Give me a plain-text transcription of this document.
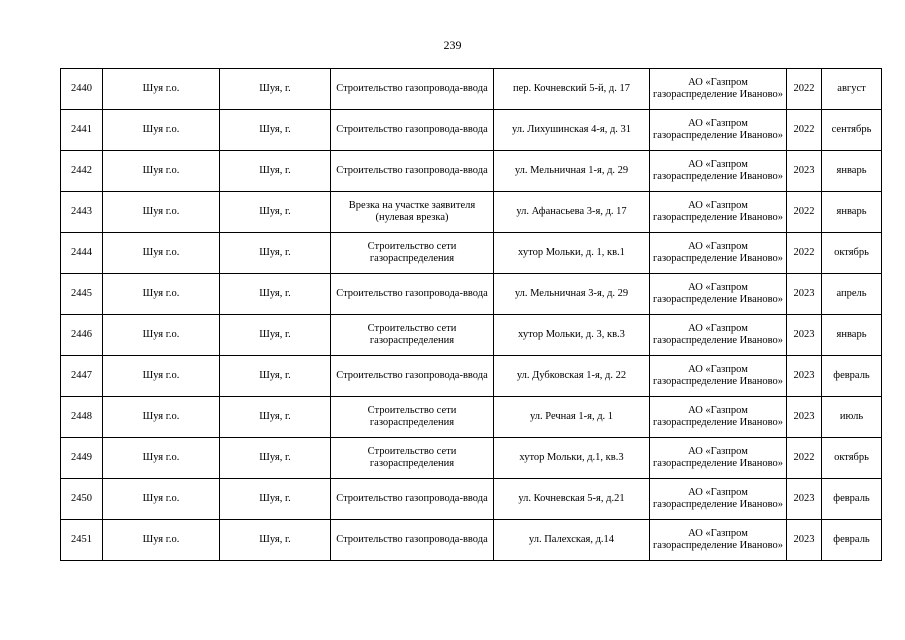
239
2440	Шуя г.о.	Шуя, г.	Строительство газопровода-ввода	пер. Кочневский 5-й, д. 17	АО «Газпром газораспределение Иваново»	2022	август
2441	Шуя г.о.	Шуя, г.	Строительство газопровода-ввода	ул. Лихушинская 4-я, д. 31	АО «Газпром газораспределение Иваново»	2022	сентябрь
2442	Шуя г.о.	Шуя, г.	Строительство газопровода-ввода	ул. Мельничная 1-я, д. 29	АО «Газпром газораспределение Иваново»	2023	январь
2443	Шуя г.о.	Шуя, г.	Врезка на участке заявителя (нулевая врезка)	ул. Афанасьева 3-я, д. 17	АО «Газпром газораспределение Иваново»	2022	январь
2444	Шуя г.о.	Шуя, г.	Строительство сети газораспределения	хутор Мольки, д. 1, кв.1	АО «Газпром газораспределение Иваново»	2022	октябрь
2445	Шуя г.о.	Шуя, г.	Строительство газопровода-ввода	ул. Мельничная 3-я, д. 29	АО «Газпром газораспределение Иваново»	2023	апрель
2446	Шуя г.о.	Шуя, г.	Строительство сети газораспределения	хутор Мольки, д. 3, кв.3	АО «Газпром газораспределение Иваново»	2023	январь
2447	Шуя г.о.	Шуя, г.	Строительство газопровода-ввода	ул. Дубковская 1-я, д. 22	АО «Газпром газораспределение Иваново»	2023	февраль
2448	Шуя г.о.	Шуя, г.	Строительство сети газораспределения	ул. Речная 1-я, д. 1	АО «Газпром газораспределение Иваново»	2023	июль
2449	Шуя г.о.	Шуя, г.	Строительство сети газораспределения	хутор Мольки, д.1, кв.3	АО «Газпром газораспределение Иваново»	2022	октябрь
2450	Шуя г.о.	Шуя, г.	Строительство газопровода-ввода	ул. Кочневская 5-я, д.21	АО «Газпром газораспределение Иваново»	2023	февраль
2451	Шуя г.о.	Шуя, г.	Строительство газопровода-ввода	ул. Палехская, д.14	АО «Газпром газораспределение Иваново»	2023	февраль
